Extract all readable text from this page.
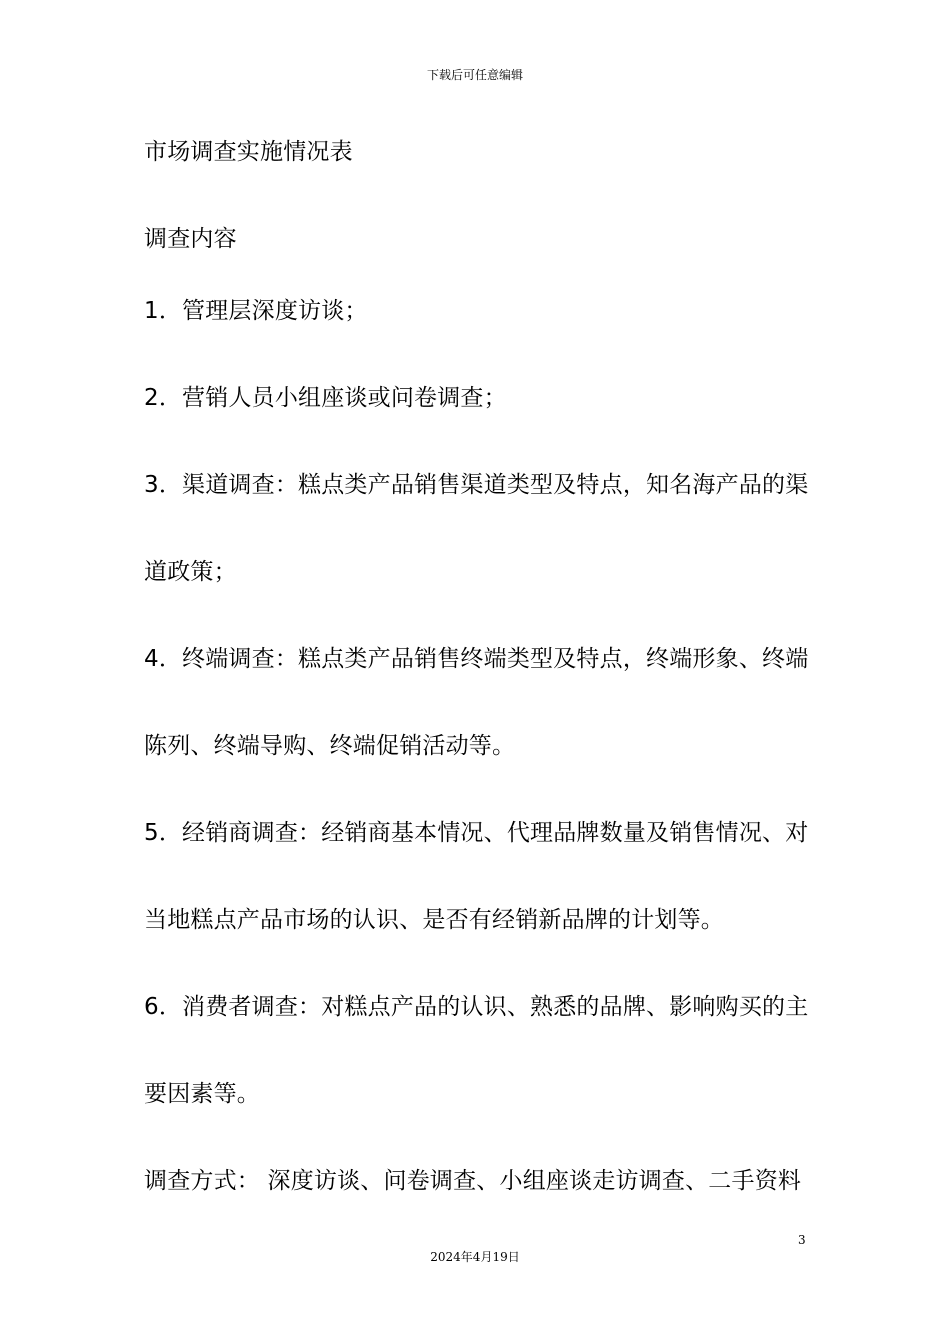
下载后可任意编辑
市场调查实施情况表
调查内容
1．管理层深度访谈；
2．营销人员小组座谈或问卷调查；
3．渠道调查：糕点类产品销售渠道类型及特点，知名海产品的渠
道政策；
4．终端调查：糕点类产品销售终端类型及特点，终端形象、终端
陈列、终端导购、终端促销活动等。
5．经销商调查：经销商基本情况、代理品牌数量及销售情况、对
当地糕点产品市场的认识、是否有经销新品牌的计划等。
6．消费者调查：对糕点产品的认识、熟悉的品牌、影响购买的主
要因素等。
调查方式： 深度访谈、问卷调查、小组座谈走访调查、二手资料
3
2024年4月19日
